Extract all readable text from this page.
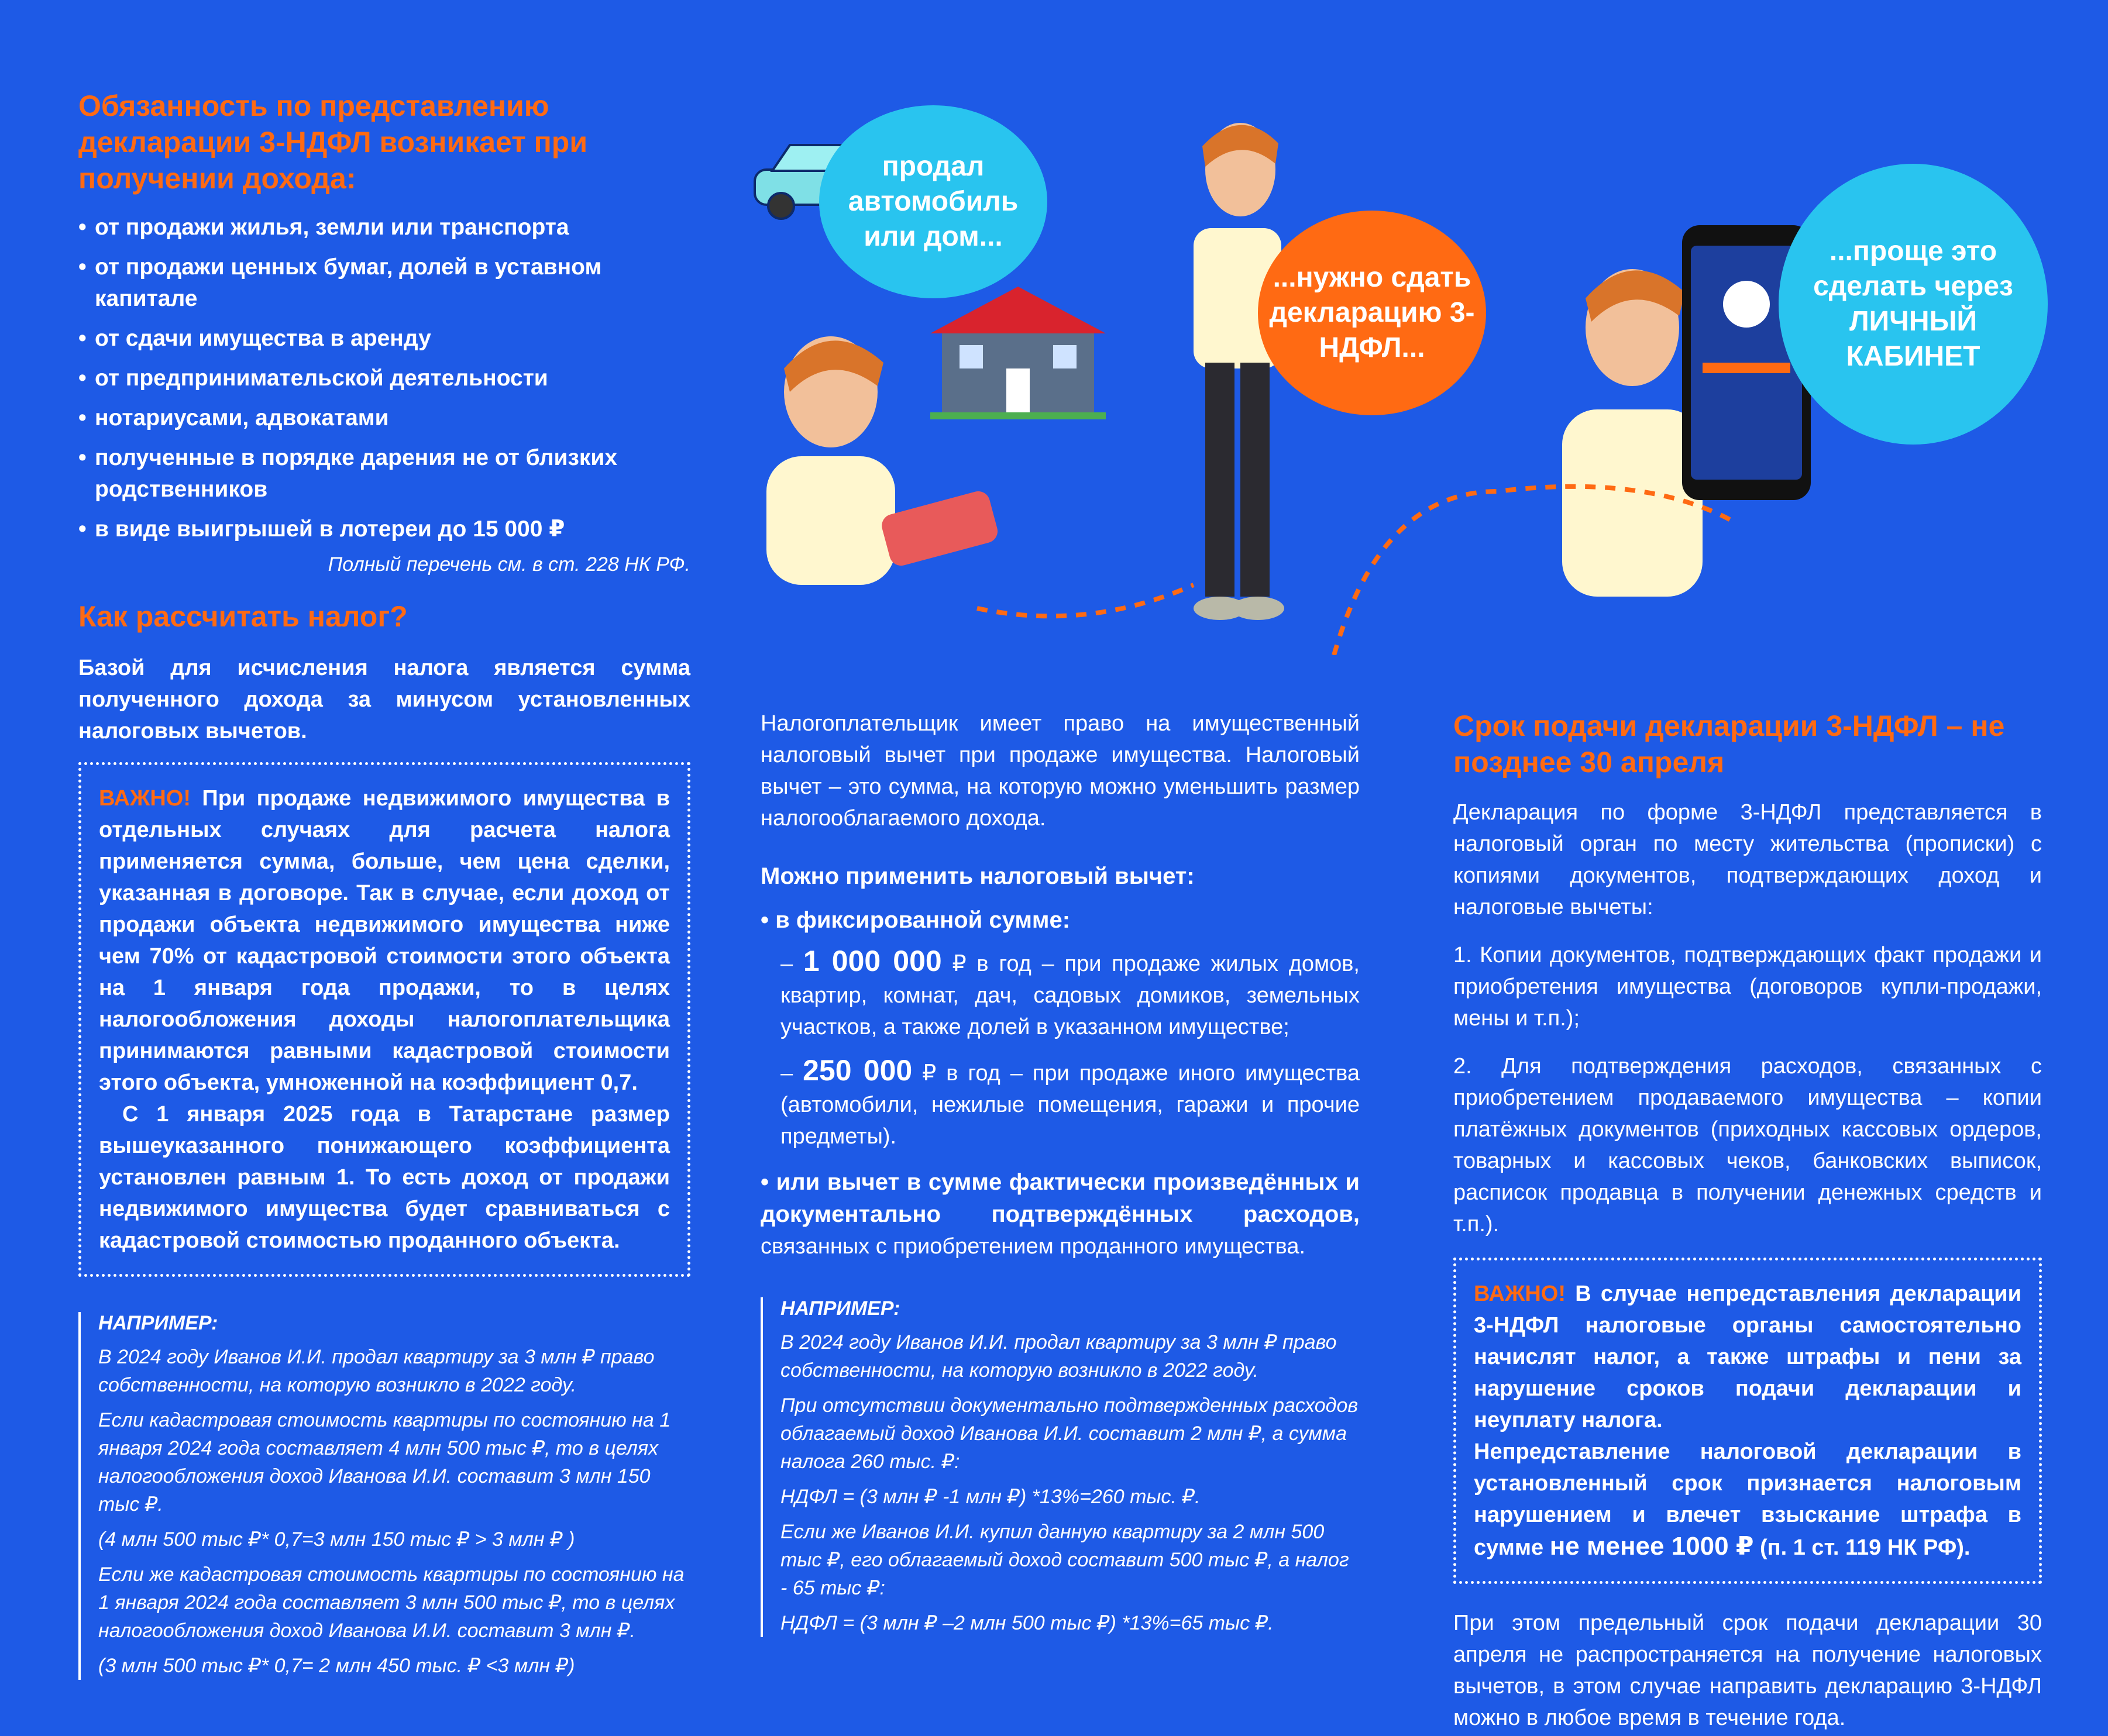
Обязанность по представлению декларации 3-НДФЛ возникает при получении дохода:
• от продажи жилья, земли или транспорта
• от продажи ценных бумаг, долей в уставном капитале
• от сдачи имущества в аренду
• от предпринимательской деятельности
• нотариусами, адвокатами
• полученные в порядке дарения не от близких родственников
• в виде выигрышей в лотереи до 15 000 ₽
Полный перечень см. в ст. 228 НК РФ.
Как рассчитать налог?

Базой для исчисления налога является сумма полученного дохода за минусом установленных налоговых вычетов.

ВАЖНО! При продаже недвижимого имущества в отдельных случаях для расчета налога применяется сумма, больше, чем цена сделки, указанная в договоре. Так в случае, если доход от продажи объекта недвижимого имущества ниже чем 70% от кадастровой стоимости этого объекта на 1 января года продажи, то в целях налогообложения доходы налогоплательщика принимаются равными кадастровой стоимости этого объекта, умноженной на коэффициент 0,7.

С 1 января 2025 года в Татарстане размер вышеуказанного понижающего коэффициента установлен равным 1. То есть доход от продажи недвижимого имущества будет сравниваться с кадастровой стоимостью проданного объекта.

НАПРИМЕР:

В 2024 году Иванов И.И. продал квартиру за 3 млн ₽ право собственности, на которую возникло в 2022 году.

Если кадастровая стоимость квартиры по состоянию на 1 января 2024 года составляет 4 млн 500 тыс ₽, то в целях налогообложения доход Иванова И.И. составит 3 млн 150 тыс ₽.

(4 млн 500 тыс ₽* 0,7=3 млн 150 тыс ₽ > 3 млн ₽ )

Если же кадастровая стоимость квартиры по состоянию на 1 января 2024 года составляет 3 млн 500 тыс ₽, то в целях налогообложения доход Иванова И.И. составит 3 млн ₽.

(3 млн 500 тыс ₽* 0,7= 2 млн 450 тыс. ₽ <3 млн ₽)

продал автомобиль или дом...
...нужно сдать декларацию 3-НДФЛ...
...проще это сделать через
ЛИЧНЫЙ КАБИНЕТ

Налогоплательщик имеет право на имущественный налоговый вычет при продаже имущества. Налоговый вычет – это сумма, на которую можно уменьшить размер налогооблагаемого дохода.

Можно применить налоговый вычет:
• в фиксированной сумме:

– 1 000 000 ₽ в год – при продаже жилых домов, квартир, комнат, дач, садовых домиков, земельных участков, а также долей в указанном имуществе;

– 250 000 ₽ в год – при продаже иного имущества (автомобили, нежилые помещения, гаражи и прочие предметы).

• или вычет в сумме фактически произведённых и документально подтверждённых расходов, связанных с приобретением проданного имущества.

НАПРИМЕР:

В 2024 году Иванов И.И. продал квартиру за 3 млн ₽ право собственности, на которую возникло в 2022 году.

При отсутствии документально подтвержденных расходов облагаемый доход Иванова И.И. составит 2 млн ₽, а сумма налога 260 тыс. ₽:

НДФЛ = (3 млн ₽ -1 млн ₽) *13%=260 тыс. ₽.

Если же Иванов И.И. купил данную квартиру за 2 млн 500 тыс ₽, его облагаемый доход составит 500 тыс ₽, а налог - 65 тыс ₽:

НДФЛ = (3 млн ₽ –2 млн 500 тыс ₽) *13%=65 тыс ₽.

Срок подачи декларации 3-НДФЛ – не позднее 30 апреля

Декларация по форме 3-НДФЛ представляется в налоговый орган по месту жительства (прописки) с копиями документов, подтверждающих доход и налоговые вычеты:

1. Копии документов, подтверждающих факт продажи и приобретения имущества (договоров купли-продажи, мены и т.п.);

2. Для подтверждения расходов, связанных с приобретением продаваемого имущества – копии платёжных документов (приходных кассовых ордеров, товарных и кассовых чеков, банковских выписок, расписок продавца в получении денежных средств и т.п.).

ВАЖНО! В случае непредставления декларации 3-НДФЛ налоговые органы самостоятельно начислят налог, а также штрафы и пени за нарушение сроков подачи декларации и неуплату налога.

Непредставление налоговой декларации в установленный срок признается налоговым нарушением и влечет взыскание штрафа в сумме не менее 1000 ₽ (п. 1 ст. 119 НК РФ).

При этом предельный срок подачи декларации 30 апреля не распространяется на получение налоговых вычетов, в этом случае направить декларацию 3-НДФЛ можно в любое время в течение года.
